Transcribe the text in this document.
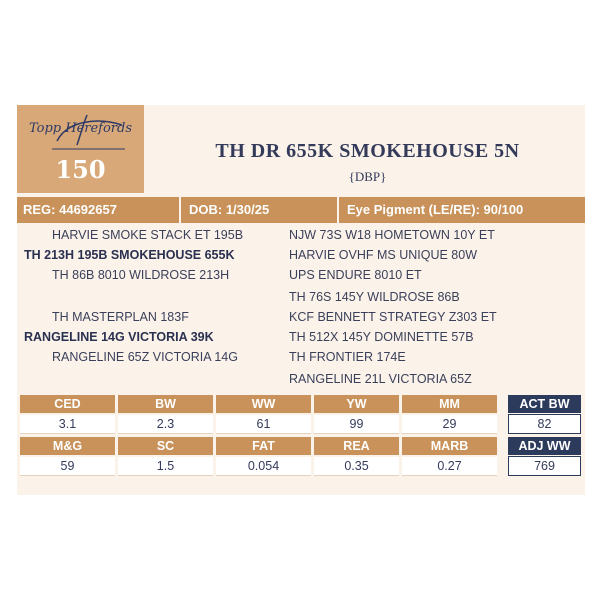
Topp Herefords
150
TH DR 655K SMOKEHOUSE 5N
{DBP}
REG: 44692657	DOB: 1/30/25	Eye Pigment (LE/RE): 90/100
HARVIE SMOKE STACK ET 195B
TH 213H 195B SMOKEHOUSE 655K
TH 86B 8010 WILDROSE 213H
TH MASTERPLAN 183F
RANGELINE 14G VICTORIA 39K
RANGELINE 65Z VICTORIA 14G
NJW 73S W18 HOMETOWN 10Y ET
HARVIE OVHF MS UNIQUE 80W
UPS ENDURE 8010 ET
TH 76S 145Y WILDROSE 86B
KCF BENNETT STRATEGY Z303 ET
TH 512X 145Y DOMINETTE 57B
TH FRONTIER 174E
RANGELINE 21L VICTORIA 65Z
CED	BW	WW	YW	MM
3.1	2.3	61	99	29
M&G	SC	FAT	REA	MARB
59	1.5	0.054	0.35	0.27
ACT BW
82
ADJ WW
769
